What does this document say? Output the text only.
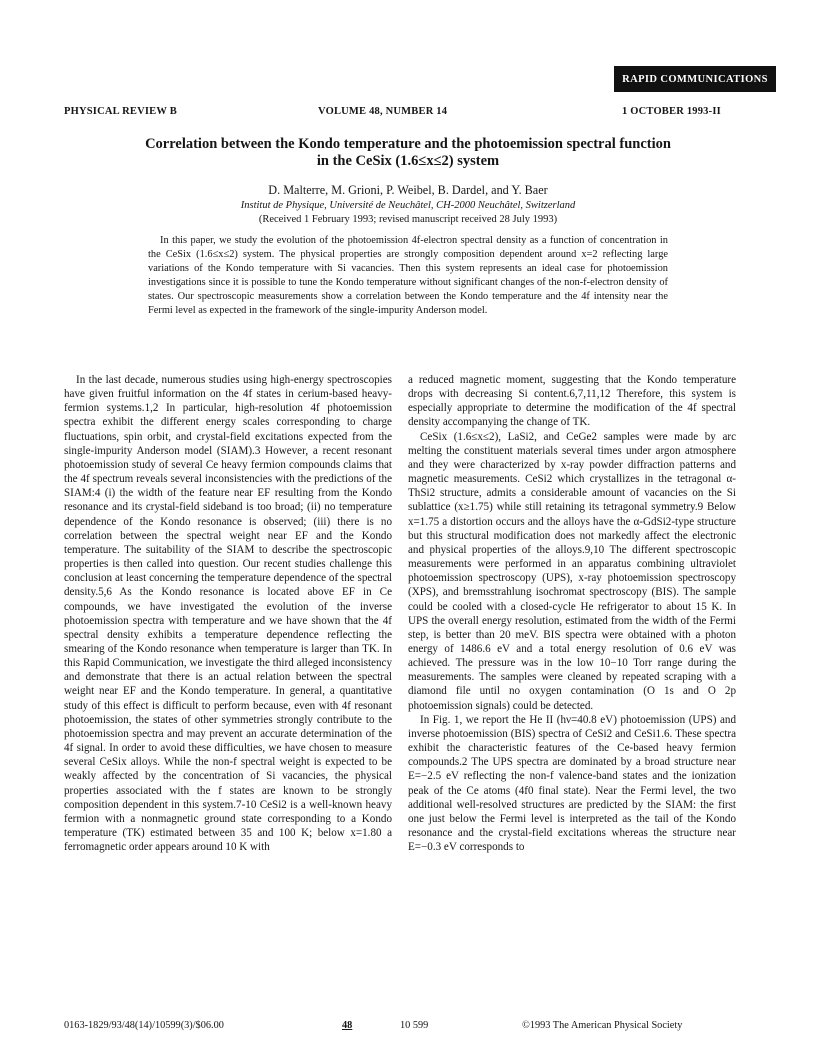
RAPID COMMUNICATIONS
PHYSICAL REVIEW B	VOLUME 48, NUMBER 14	1 OCTOBER 1993-II
Correlation between the Kondo temperature and the photoemission spectral function
in the CeSix (1.6≤x≤2) system
D. Malterre, M. Grioni, P. Weibel, B. Dardel, and Y. Baer
Institut de Physique, Université de Neuchâtel, CH-2000 Neuchâtel, Switzerland
(Received 1 February 1993; revised manuscript received 28 July 1993)
In this paper, we study the evolution of the photoemission 4f-electron spectral density as a function of concentration in the CeSix (1.6≤x≤2) system. The physical properties are strongly composition dependent around x=2 reflecting large variations of the Kondo temperature with Si vacancies. Then this system represents an ideal case for photoemission investigations since it is possible to tune the Kondo temperature without significant changes of the non-f-electron density of states. Our spectroscopic measurements show a correlation between the Kondo temperature and the 4f intensity near the Fermi level as expected in the framework of the single-impurity Anderson model.

In the last decade, numerous studies using high-energy spectroscopies have given fruitful information on the 4f states in cerium-based heavy-fermion systems.1,2 In particular, high-resolution 4f photoemission spectra exhibit the different energy scales corresponding to charge fluctuations, spin orbit, and crystal-field excitations expected from the single-impurity Anderson model (SIAM).3 However, a recent resonant photoemission study of several Ce heavy fermion compounds claims that the 4f spectrum reveals several inconsistencies with the predictions of the SIAM:4 (i) the width of the feature near EF resulting from the Kondo resonance and its crystal-field sideband is too broad; (ii) no temperature dependence of the Kondo resonance is observed; (iii) there is no correlation between the spectral weight near EF and the Kondo temperature. The suitability of the SIAM to describe the spectroscopic properties is then called into question. Our recent studies challenge this conclusion at least concerning the temperature dependence of the spectral density.5,6 As the Kondo resonance is located above EF in Ce compounds, we have investigated the evolution of the inverse photoemission spectra with temperature and we have shown that the 4f spectral density exhibits a temperature dependence reflecting the smearing of the Kondo resonance when temperature is larger than TK. In this Rapid Communication, we investigate the third alleged inconsistency and demonstrate that there is an actual relation between the spectral weight near EF and the Kondo temperature. In general, a quantitative study of this effect is difficult to perform because, even with 4f resonant photoemission, the states of other symmetries strongly contribute to the photoemission spectra and may prevent an accurate determination of the 4f signal. In order to avoid these difficulties, we have chosen to measure several CeSix alloys. While the non-f spectral weight is expected to be weakly affected by the concentration of Si vacancies, the physical properties associated with the f states are known to be strongly composition dependent in this system.7-10 CeSi2 is a well-known heavy fermion with a nonmagnetic ground state corresponding to a Kondo temperature (TK) estimated between 35 and 100 K; below x=1.80 a ferromagnetic order appears around 10 K with

a reduced magnetic moment, suggesting that the Kondo temperature drops with decreasing Si content.6,7,11,12 Therefore, this system is especially appropriate to determine the modification of the 4f spectral density accompanying the change of TK.

CeSix (1.6≤x≤2), LaSi2, and CeGe2 samples were made by arc melting the constituent materials several times under argon atmosphere and they were characterized by x-ray powder diffraction patterns and magnetic measurements. CeSi2 which crystallizes in the tetragonal α-ThSi2 structure, admits a considerable amount of vacancies on the Si sublattice (x≥1.75) while still retaining its tetragonal symmetry.9 Below x=1.75 a distortion occurs and the alloys have the α-GdSi2-type structure but this structural modification does not markedly affect the electronic and physical properties of the alloys.9,10 The different spectroscopic measurements were performed in an apparatus combining ultraviolet photoemission spectroscopy (UPS), x-ray photoemission spectroscopy (XPS), and bremsstrahlung isochromat spectroscopy (BIS). The sample could be cooled with a closed-cycle He refrigerator to about 15 K. In UPS the overall energy resolution, estimated from the width of the Fermi step, is better than 20 meV. BIS spectra were obtained with a photon energy of 1486.6 eV and a total energy resolution of 0.6 eV was achieved. The pressure was in the low 10−10 Torr range during the measurements. The samples were cleaned by repeated scraping with a diamond file until no oxygen contamination (O 1s and O 2p photoemission signals) could be detected.

In Fig. 1, we report the He II (hν=40.8 eV) photoemission (UPS) and inverse photoemission (BIS) spectra of CeSi2 and CeSi1.6. These spectra exhibit the characteristic features of the Ce-based heavy fermion compounds.2 The UPS spectra are dominated by a broad structure near E=−2.5 eV reflecting the non-f valence-band states and the ionization peak of the Ce atoms (4f0 final state). Near the Fermi level, the two additional well-resolved structures are predicted by the SIAM: the first one just below the Fermi level is interpreted as the tail of the Kondo resonance and the crystal-field excitations whereas the structure near E=−0.3 eV corresponds to

0163-1829/93/48(14)/10599(3)/$06.00	48	10 599	©1993 The American Physical Society
